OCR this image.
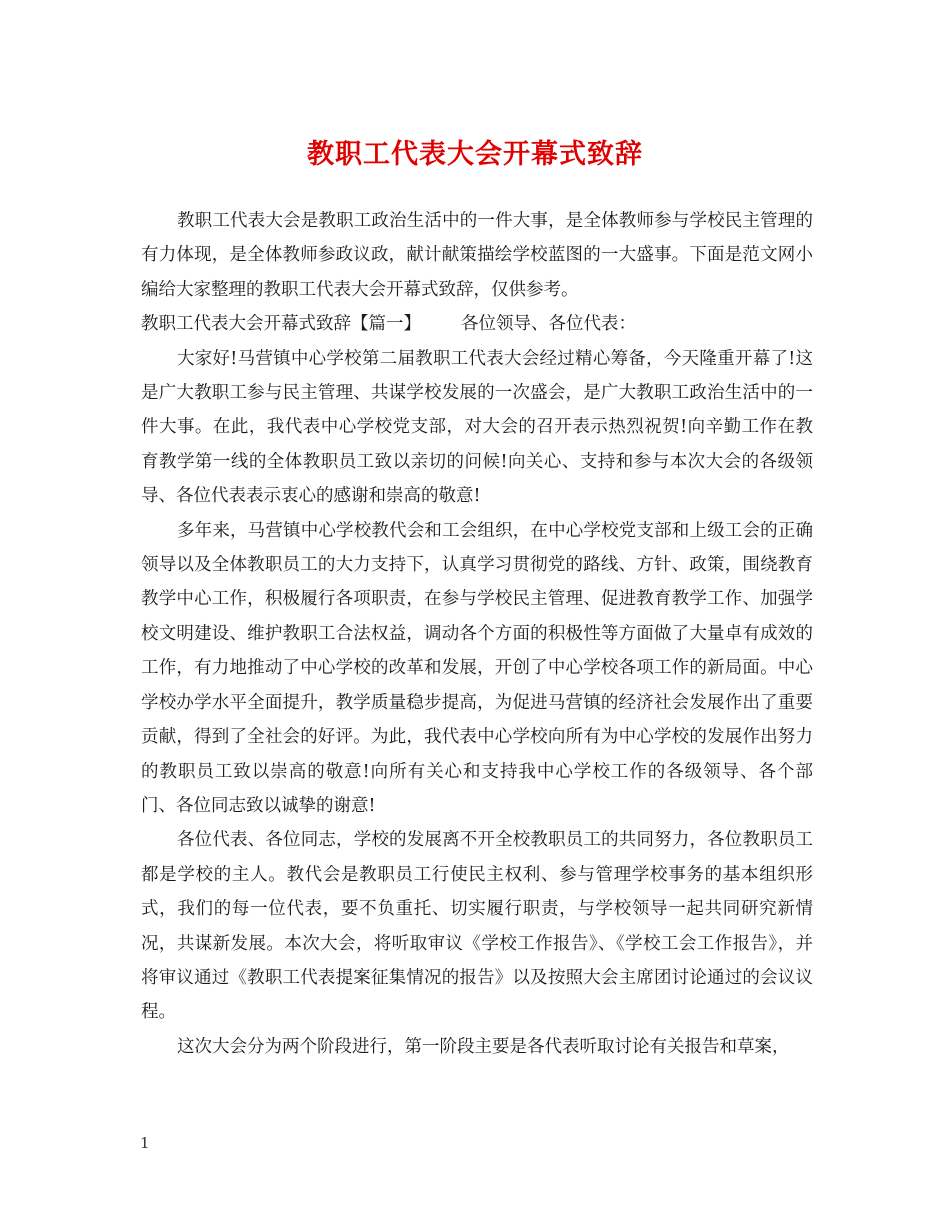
教职工代表大会开幕式致辞

教职工代表大会是教职工政治生活中的一件大事，是全体教师参与学校民主管理的有力体现，是全体教师参政议政，献计献策描绘学校蓝图的一大盛事。下面是范文网小编给大家整理的教职工代表大会开幕式致辞，仅供参考。

教职工代表大会开幕式致辞【篇一】 各位领导、各位代表：

大家好!马营镇中心学校第二届教职工代表大会经过精心筹备，今天隆重开幕了!这是广大教职工参与民主管理、共谋学校发展的一次盛会，是广大教职工政治生活中的一件大事。在此，我代表中心学校党支部，对大会的召开表示热烈祝贺!向辛勤工作在教育教学第一线的全体教职员工致以亲切的问候!向关心、支持和参与本次大会的各级领导、各位代表表示衷心的感谢和崇高的敬意!

多年来，马营镇中心学校教代会和工会组织，在中心学校党支部和上级工会的正确领导以及全体教职员工的大力支持下，认真学习贯彻党的路线、方针、政策，围绕教育教学中心工作，积极履行各项职责，在参与学校民主管理、促进教育教学工作、加强学校文明建设、维护教职工合法权益，调动各个方面的积极性等方面做了大量卓有成效的工作，有力地推动了中心学校的改革和发展，开创了中心学校各项工作的新局面。中心学校办学水平全面提升，教学质量稳步提高，为促进马营镇的经济社会发展作出了重要贡献，得到了全社会的好评。为此，我代表中心学校向所有为中心学校的发展作出努力的教职员工致以崇高的敬意!向所有关心和支持我中心学校工作的各级领导、各个部门、各位同志致以诚挚的谢意!

各位代表、各位同志，学校的发展离不开全校教职员工的共同努力，各位教职员工都是学校的主人。教代会是教职员工行使民主权利、参与管理学校事务的基本组织形式，我们的每一位代表，要不负重托、切实履行职责，与学校领导一起共同研究新情况，共谋新发展。本次大会，将听取审议《学校工作报告》、《学校工会工作报告》，并将审议通过《教职工代表提案征集情况的报告》以及按照大会主席团讨论通过的会议议程。

这次大会分为两个阶段进行，第一阶段主要是各代表听取讨论有关报告和草案，

1
